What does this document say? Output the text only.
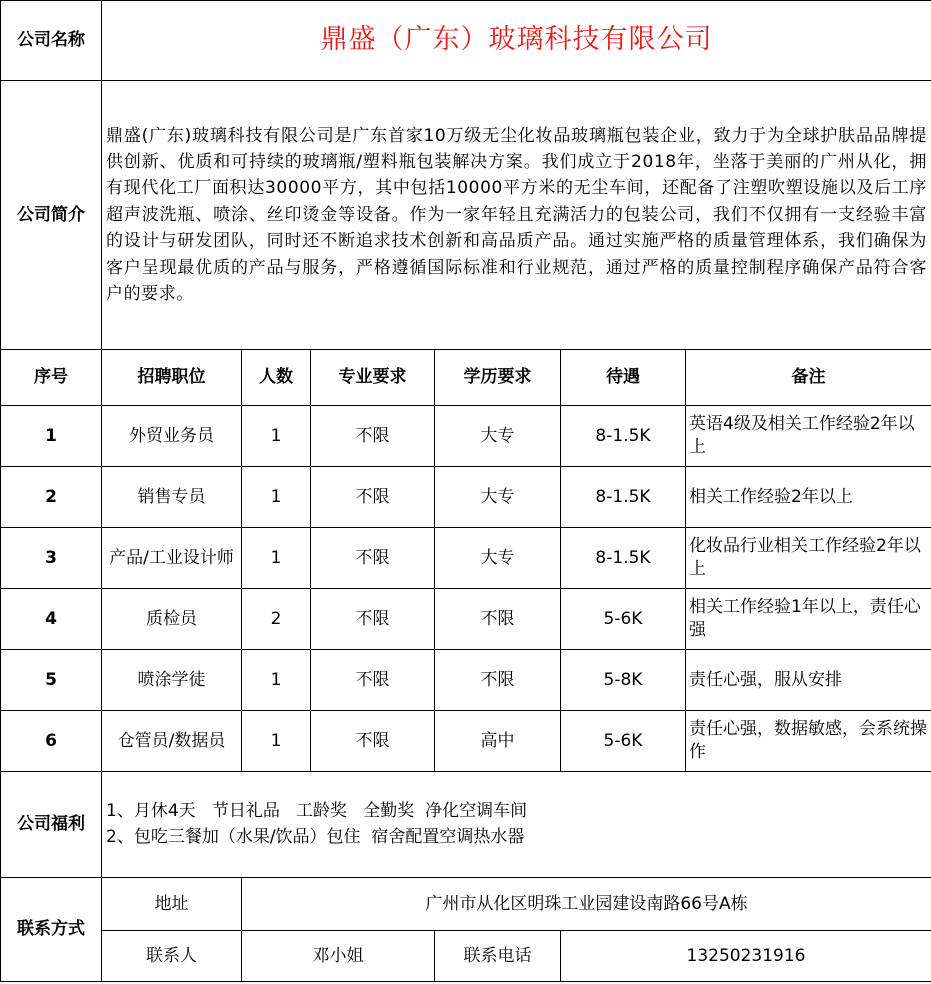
公司名称	鼎盛（广东）玻璃科技有限公司					
公司简介	鼎盛(广东)玻璃科技有限公司是广东首家10万级无尘化妆品玻璃瓶包装企业，致力于为全球护肤品品牌提供创新、优质和可持续的玻璃瓶/塑料瓶包装解决方案。我们成立于2018年，坐落于美丽的广州从化，拥有现代化工厂面积达30000平方，其中包括10000平方米的无尘车间，还配备了注塑吹塑设施以及后工序超声波洗瓶、喷涂、丝印烫金等设备。作为一家年轻且充满活力的包装公司，我们不仅拥有一支经验丰富的设计与研发团队，同时还不断追求技术创新和高品质产品。通过实施严格的质量管理体系，我们确保为客户呈现最优质的产品与服务，严格遵循国际标准和行业规范，通过严格的质量控制程序确保产品符合客户的要求。					
序号	招聘职位	人数	专业要求	学历要求	待遇	备注
1	外贸业务员	1	不限	大专	8-1.5K	英语4级及相关工作经验2年以上
2	销售专员	1	不限	大专	8-1.5K	相关工作经验2年以上
3	产品/工业设计师	1	不限	大专	8-1.5K	化妆品行业相关工作经验2年以上
4	质检员	2	不限	不限	5-6K	相关工作经验1年以上，责任心强
5	喷涂学徒	1	不限	不限	5-8K	责任心强，服从安排
6	仓管员/数据员	1	不限	高中	5-6K	责任心强，数据敏感，会系统操作
公司福利	1、月休4天   节日礼品   工龄奖   全勤奖  净化空调车间
2、包吃三餐加（水果/饮品）包住  宿舍配置空调热水器					

联系方式	地址	广州市从化区明珠工业园建设南路66号A栋				
	联系人	邓小姐		联系电话	13250231916	
